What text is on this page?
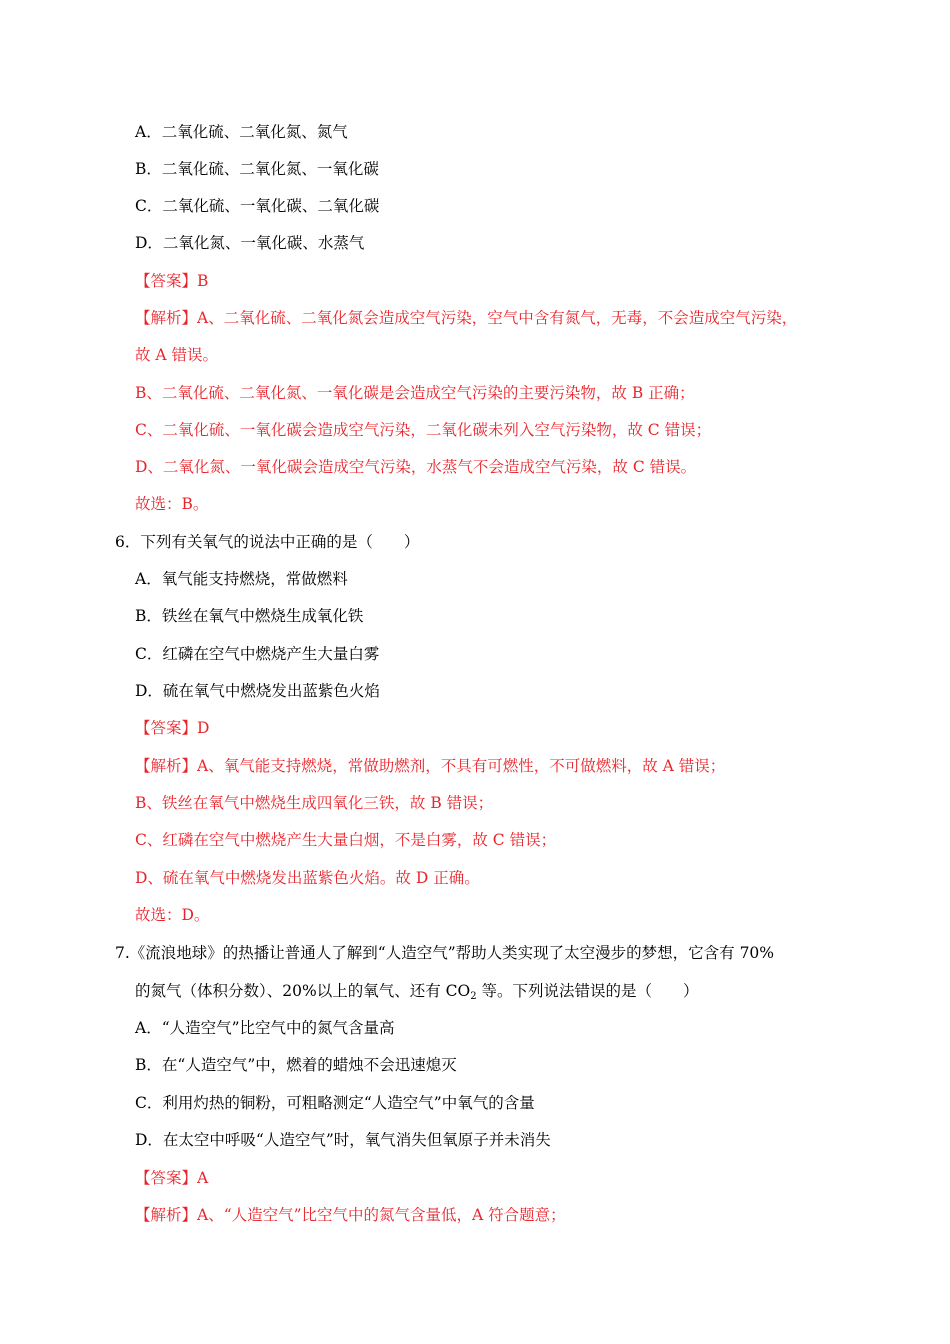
A．二氧化硫、二氧化氮、氮气
B．二氧化硫、二氧化氮、一氧化碳
C．二氧化硫、一氧化碳、二氧化碳
D．二氧化氮、一氧化碳、水蒸气
【答案】B
【解析】A、二氧化硫、二氧化氮会造成空气污染，空气中含有氮气，无毒，不会造成空气污染，
故 A 错误。
B、二氧化硫、二氧化氮、一氧化碳是会造成空气污染的主要污染物，故 B 正确；
C、二氧化硫、一氧化碳会造成空气污染，二氧化碳未列入空气污染物，故 C 错误；
D、二氧化氮、一氧化碳会造成空气污染，水蒸气不会造成空气污染，故 C 错误。
故选：B。
6．下列有关氧气的说法中正确的是（　　）
A．氧气能支持燃烧，常做燃料
B．铁丝在氧气中燃烧生成氧化铁
C．红磷在空气中燃烧产生大量白雾
D．硫在氧气中燃烧发出蓝紫色火焰
【答案】D
【解析】A、氧气能支持燃烧，常做助燃剂，不具有可燃性，不可做燃料，故 A 错误；
B、铁丝在氧气中燃烧生成四氧化三铁，故 B 错误；
C、红磷在空气中燃烧产生大量白烟，不是白雾，故 C 错误；
D、硫在氧气中燃烧发出蓝紫色火焰。故 D 正确。
故选：D。
7.《流浪地球》的热播让普通人了解到“人造空气”帮助人类实现了太空漫步的梦想，它含有 70%
的氮气（体积分数）、20%以上的氧气、还有 $CO_2$ 等。下列说法错误的是（　　）
A．“人造空气”比空气中的氮气含量高
B．在“人造空气”中，燃着的蜡烛不会迅速熄灭
C．利用灼热的铜粉，可粗略测定“人造空气”中氧气的含量
D．在太空中呼吸“人造空气”时，氧气消失但氧原子并未消失
【答案】A
【解析】A、“人造空气”比空气中的氮气含量低，A 符合题意；
